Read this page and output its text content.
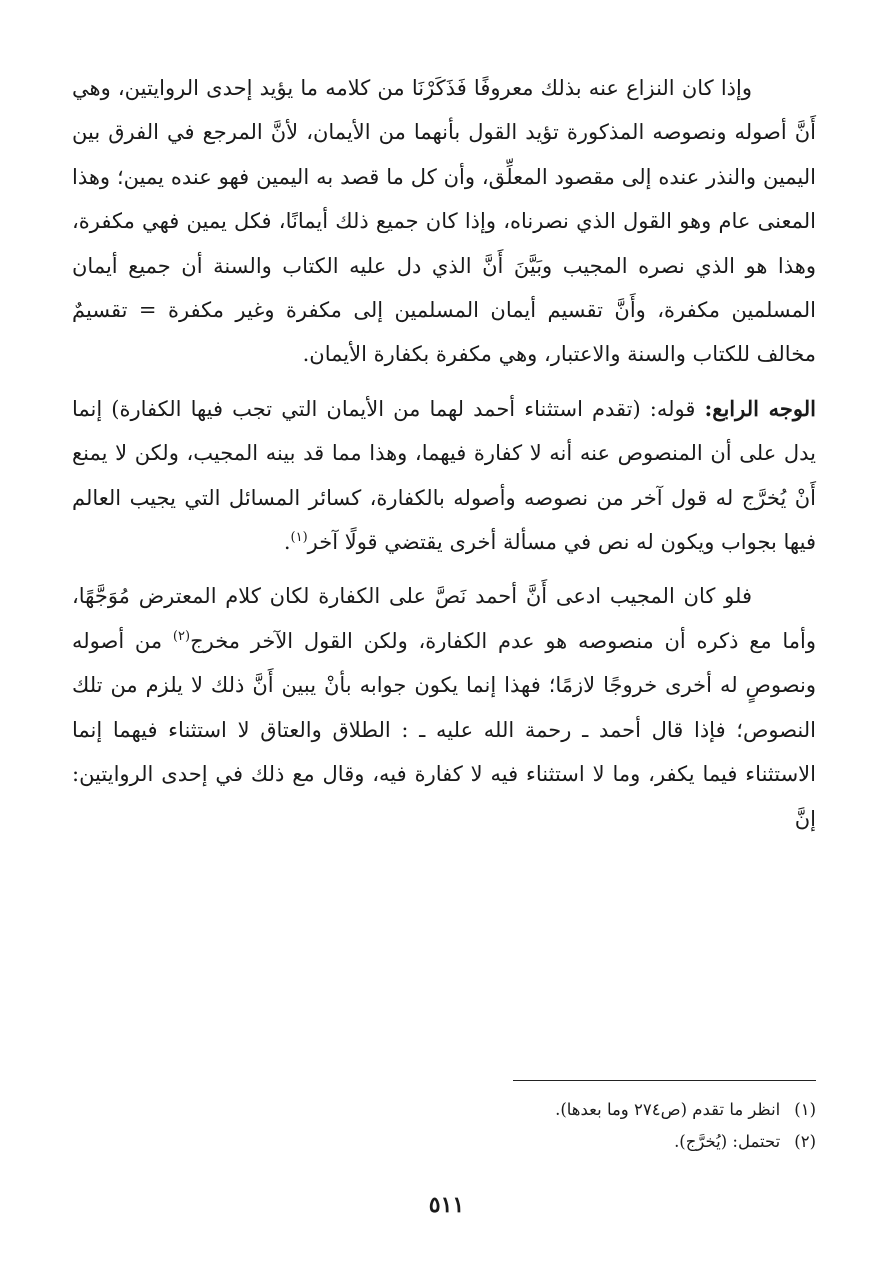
وإذا كان النزاع عنه بذلك معروفًا فَذَكَرْنَا من كلامه ما يؤيد إحدى الروايتين، وهي أَنَّ أصوله ونصوصه المذكورة تؤيد القول بأنهما من الأيمان، لأنَّ المرجع في الفرق بين اليمين والنذر عنده إلى مقصود المعلِّق، وأن كل ما قصد به اليمين فهو عنده يمين؛ وهذا المعنى عام وهو القول الذي نصرناه، وإذا كان جميع ذلك أيمانًا، فكل يمين فهي مكفرة، وهذا هو الذي نصره المجيب وبَيَّنَ أَنَّ الذي دل عليه الكتاب والسنة أن جميع أيمان المسلمين مكفرة، وأَنَّ تقسيم أيمان المسلمين إلى مكفرة وغير مكفرة = تقسيمٌ مخالف للكتاب والسنة والاعتبار، وهي مكفرة بكفارة الأيمان.

الوجه الرابع: قوله: (تقدم استثناء أحمد لهما من الأيمان التي تجب فيها الكفارة) إنما يدل على أن المنصوص عنه أنه لا كفارة فيهما، وهذا مما قد بينه المجيب، ولكن لا يمنع أَنْ يُخرَّج له قول آخر من نصوصه وأصوله بالكفارة، كسائر المسائل التي يجيب العالم فيها بجواب ويكون له نص في مسألة أخرى يقتضي قولًا آخر$^{(١)}$.

فلو كان المجيب ادعى أَنَّ أحمد نَصَّ على الكفارة لكان كلام المعترض مُوَجَّهًا، وأما مع ذكره أن منصوصه هو عدم الكفارة، ولكن القول الآخر مخرج$^{(٢)}$ من أصوله ونصوصٍ له أخرى خروجًا لازمًا؛ فهذا إنما يكون جوابه بأنْ يبين أَنَّ ذلك لا يلزم من تلك النصوص؛ فإذا قال أحمد ـ رحمة الله عليه ـ : الطلاق والعتاق لا استثناء فيهما إنما الاستثناء فيما يكفر، وما لا استثناء فيه لا كفارة فيه، وقال مع ذلك في إحدى الروايتين: إنَّ

(١)انظر ما تقدم (ص٢٧٤ وما بعدها).
(٢)تحتمل: (يُخرَّج).
٥١١
